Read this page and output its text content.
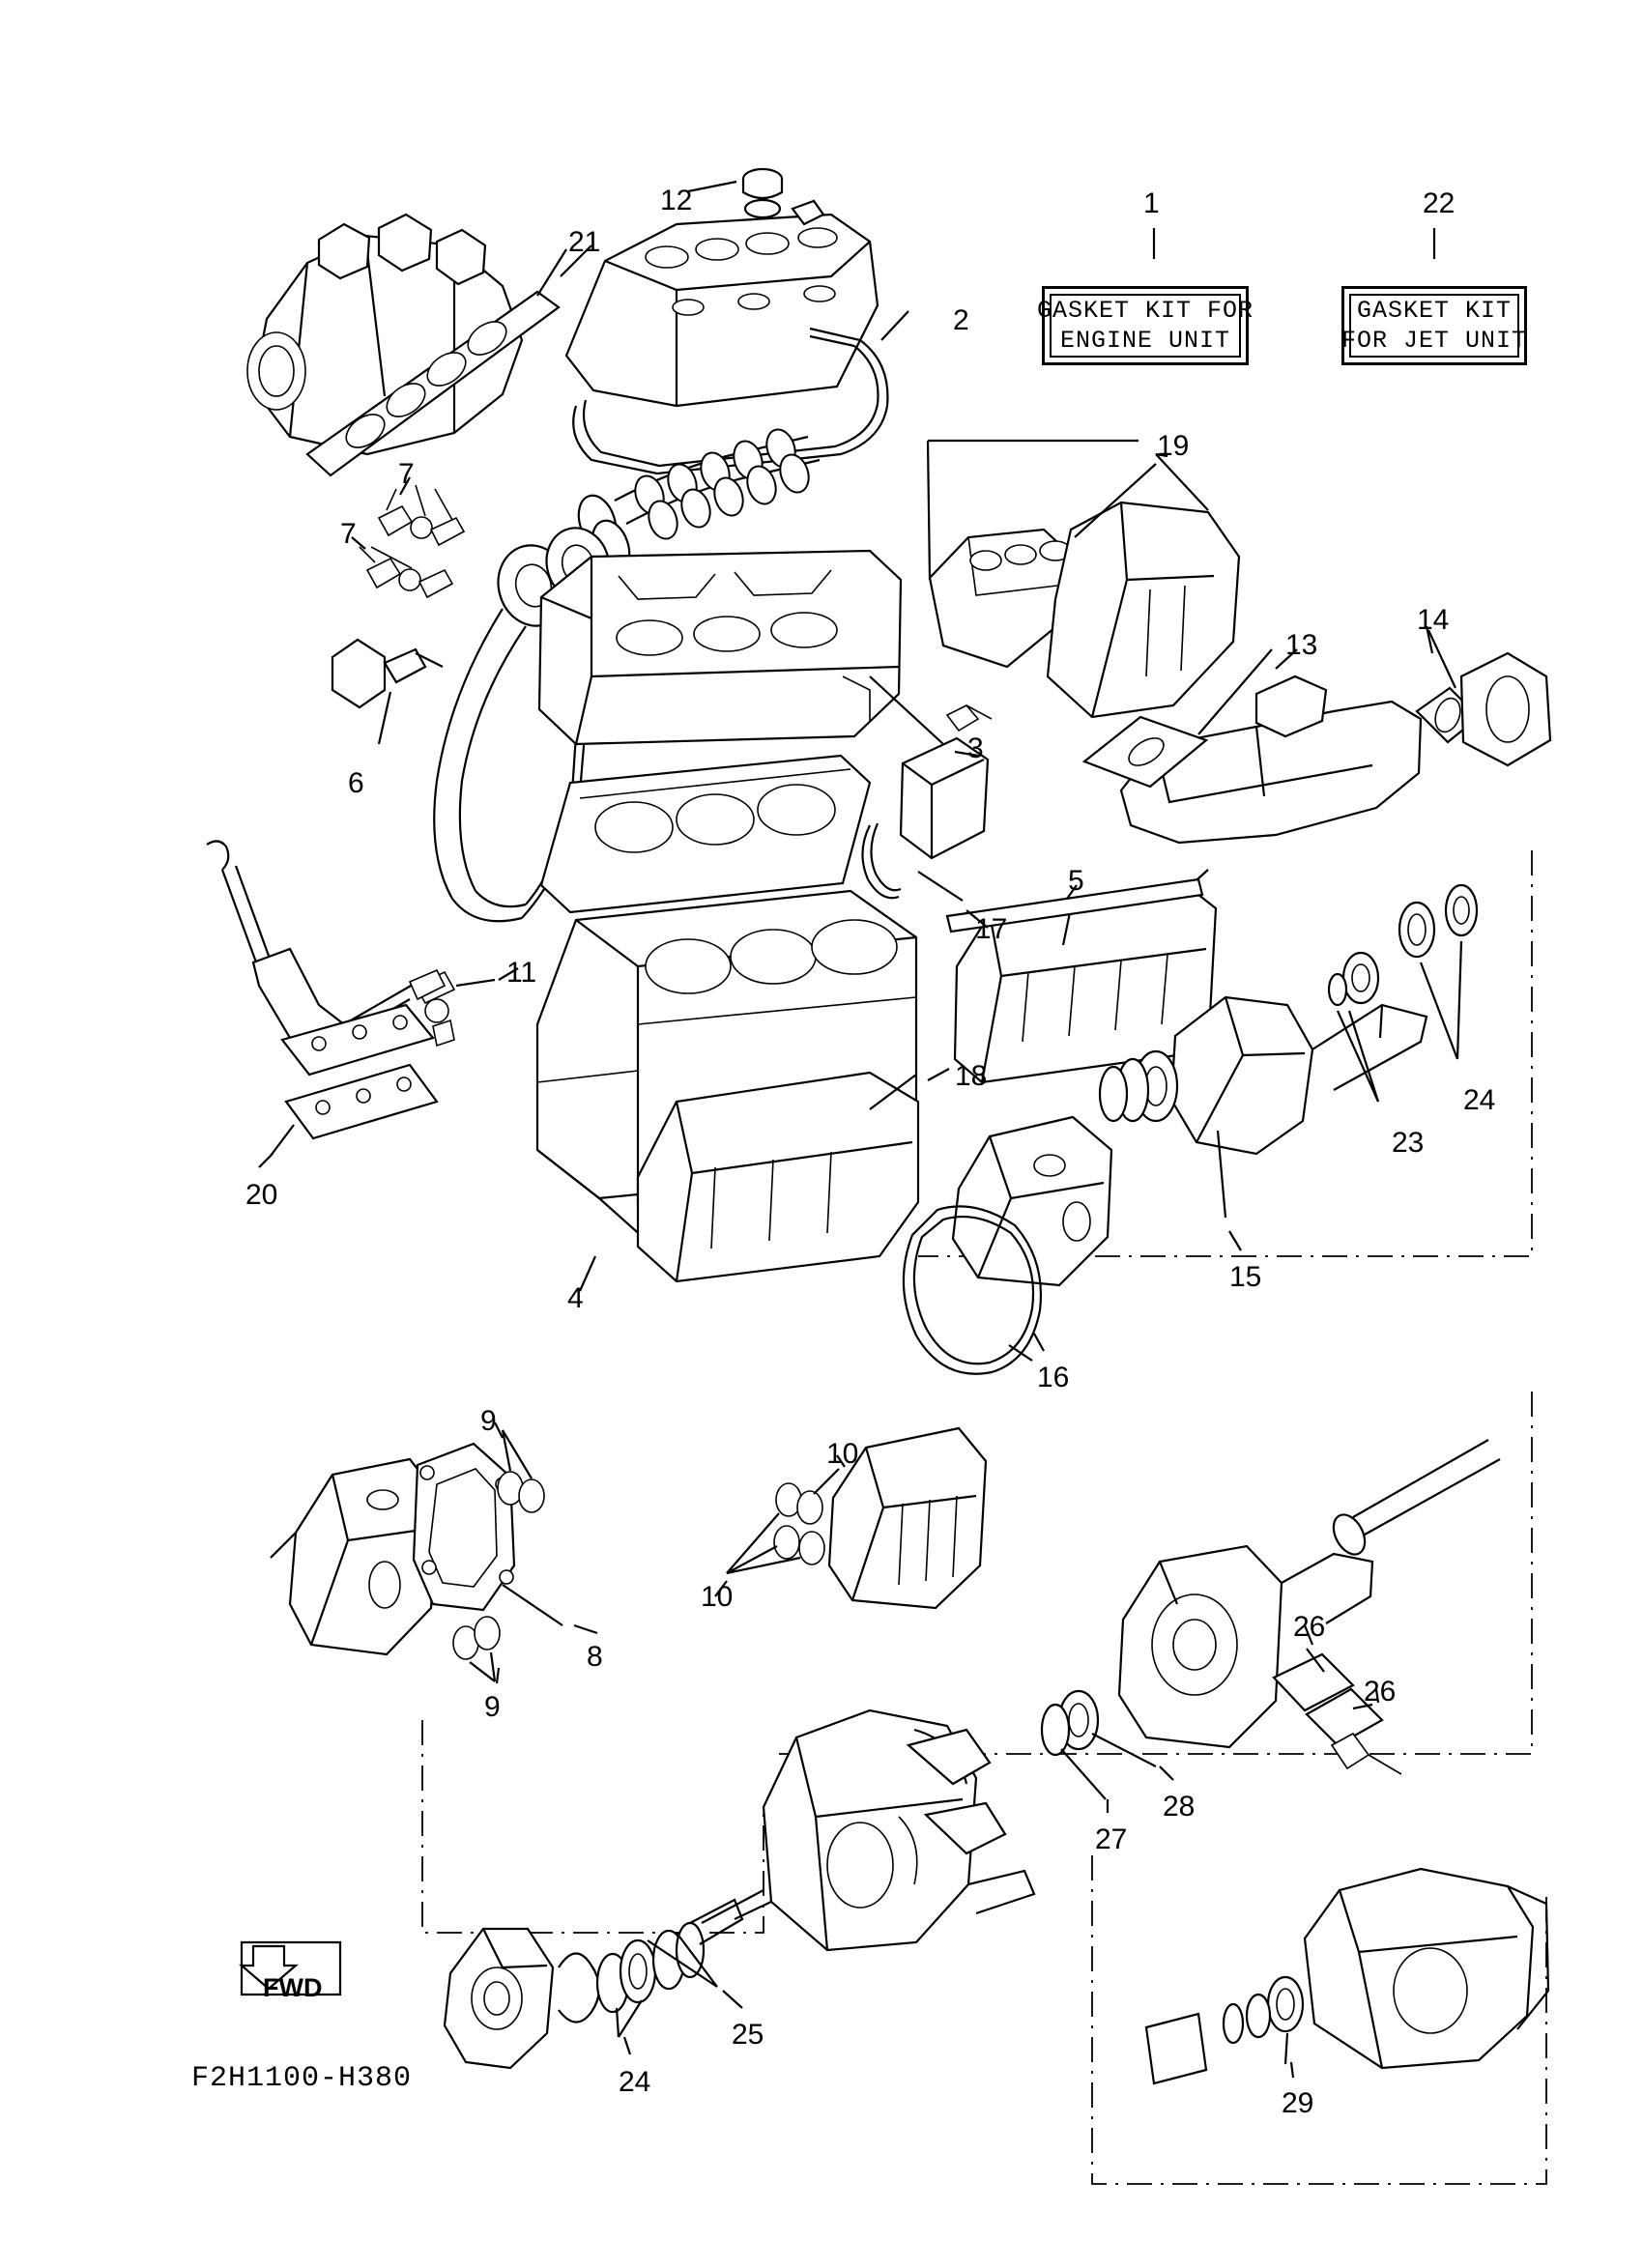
GASKET KIT FOR
ENGINE UNIT
GASKET KIT
FOR JET UNIT
12
21
2
1	22
19
7
7
13
14
6
3
17
5
11
18
24
23
20
15
4
16
9
10
10
8
9
26
26
28
27
25
24
29
FWD
F2H1100-H380
